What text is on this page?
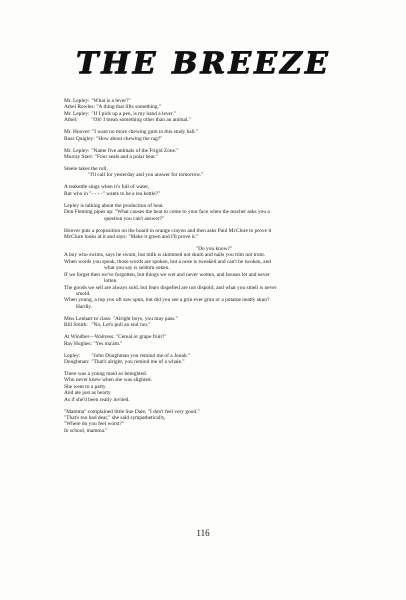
THE BREEZE
Mr. Lepley: "What is a lever?"
Athel Rowles: "A thing that lifts something."
Mr. Lepley: "If I pick up a pen, is my hand a lever."
Athel:	"Oh! I mean something other than an animal."
Mr. Hoover: "I want no more chewing gum in this study hall."
Russ Quigley: "How about chewing the rag?"
Mr. Lepley: "Name five animals of the Frigid Zone."
Murray Starr: "Four seals and a polar bear."
Steele takes the roll,
"I'll call for yesterday and you answer for tomorrow."
A teakettle sings when it's full of water,
But who in "- - - -" wants to be a tea kettle?"
Lepley is talking about the production of heat.
Don Fleming pipes up: "What causes the heat to come to your face when the teacher asks you a
question you can't answer?"
Hoover puts a proposition on the board in orange crayon and then asks Paul McClure to prove it
McClure looks at it and says: "Make it green and I'll prove it."
"Do you know?"
A boy who swims, says he swum, but milk is skimmed not skum and nails you trim not trum.
When words you speak, those words are spoken, but a nose is tweaked and can't be twoken, and
what you say is seldom soken.
If we forget then we've forgotten, but things we wet and never wotten, and houses let and never
lotten.
The goods we sell are always sold, but fears dispelled are not dispold; and what you smell is never
smold.
When young, a top you oft saw spun, but did you see a grin ever grun or a potatoe neatly skun?
Hardly.
Miss Lenhart to class: "Alright boys, you may pass."
Bill Smith: "No, Let's pull an end run."
At Windber—Waitress: "Cereal or grape fruit?"
Ray Hughes: "Yes ma'am."
Lepley: "John Doughman you remind me of a Jonah."
Doughman: "That's alright, you remind me of a whale."
There was a young maid so benighted.
Who never knew when she was slighted.
She went to a party
And ate just as hearty
As if she'd been really invited.
"Mamma" complained little Sue Dale, "I don't feel very good."
"That's too bad dear," she said sympathetically,
"Where do you feel worst?"
In school, mamma."
116
